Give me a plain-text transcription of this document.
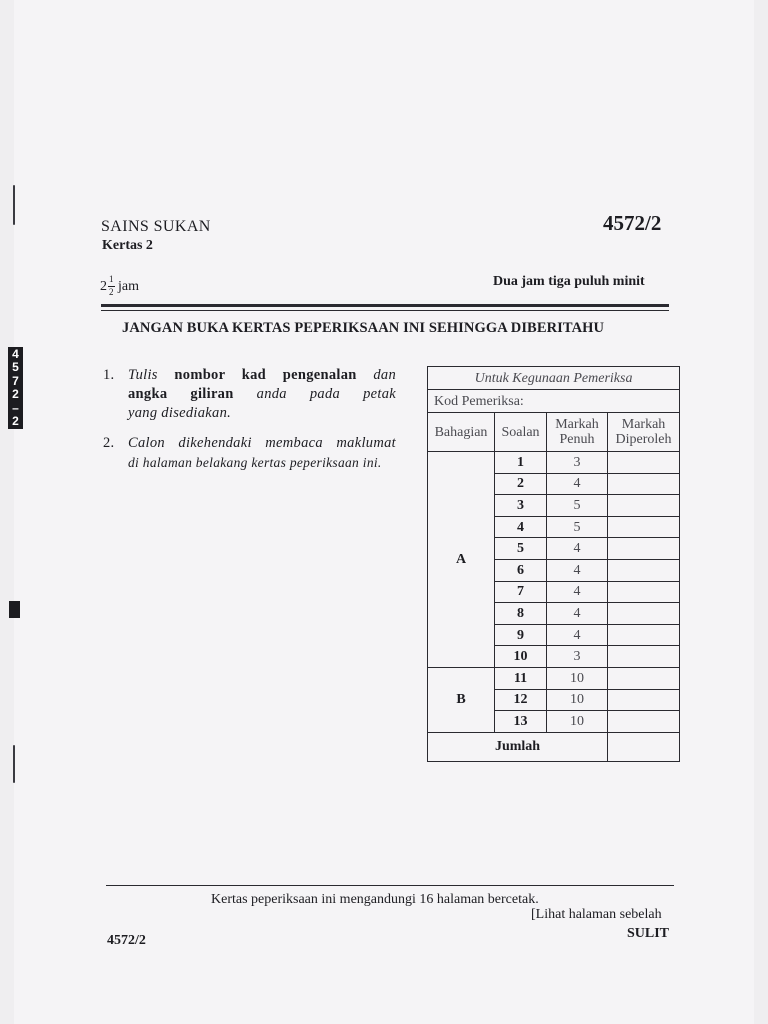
4
5
7
2
–
2
SAINS SUKAN
Kertas 2
4572/2
2 1
2 jam	Dua jam tiga puluh minit
JANGAN BUKA KERTAS PEPERIKSAAN INI SEHINGGA DIBERITAHU
1. Tulis nombor kad pengenalan dan
angka giliran anda pada petak
yang disediakan.
2. Calon dikehendaki membaca maklumat
di halaman belakang kertas peperiksaan ini.
Untuk Kegunaan Pemeriksa			
Kod Pemeriksa:			
Bahagian	Soalan	Markah Penuh	Markah Diperoleh
A	1	3	
	2	4	
	3	5	
	4	5	
	5	4	
	6	4	
	7	4	
	8	4	
	9	4	
	10	3	
B	11	10	
	12	10	
	13	10	
Jumlah			
Kertas peperiksaan ini mengandungi 16 halaman bercetak.
[Lihat halaman sebelah
4572/2	SULIT
